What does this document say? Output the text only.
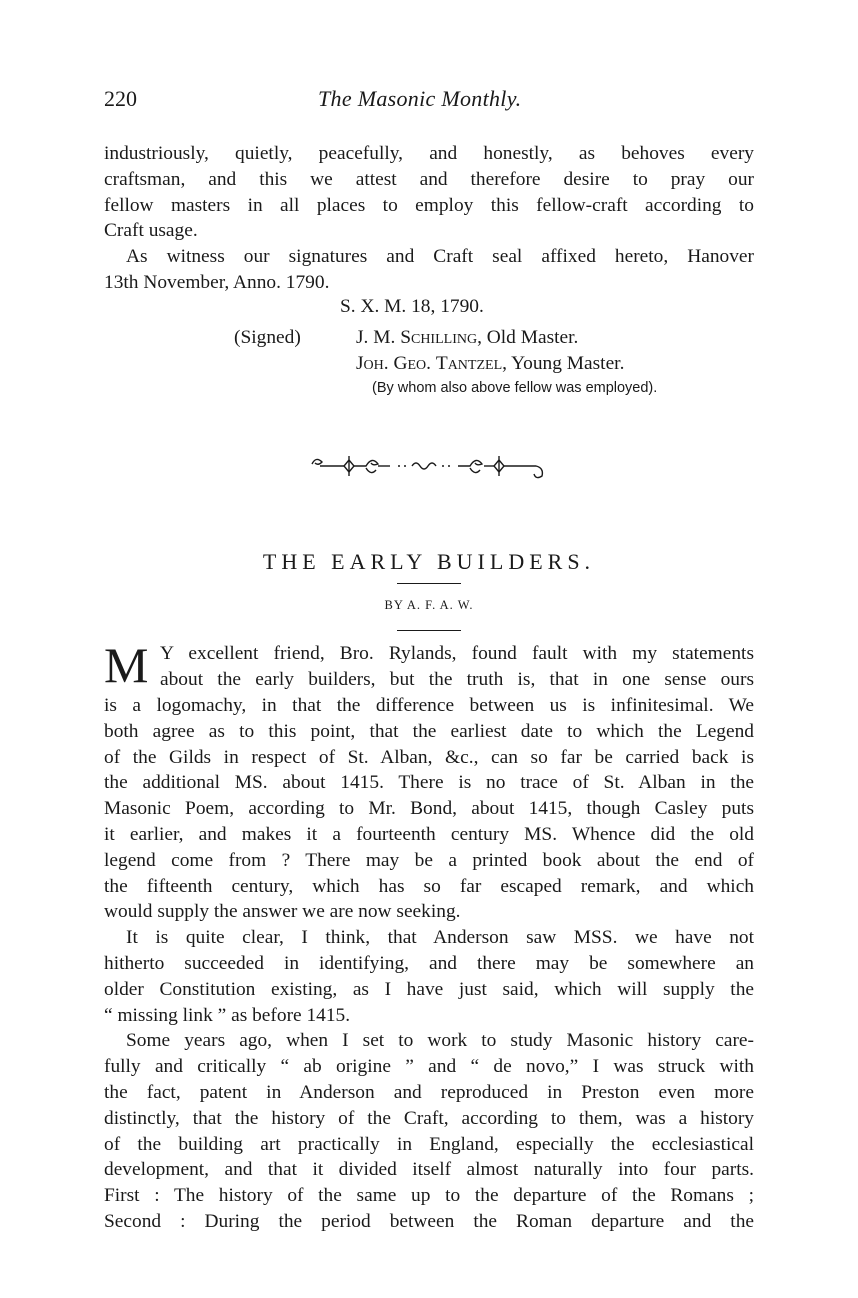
220	The Masonic Monthly.
industriously, quietly, peacefully, and honestly, as behoves every
craftsman, and this we attest and therefore desire to pray our
fellow masters in all places to employ this fellow-craft according to
Craft usage.
As witness our signatures and Craft seal affixed hereto, Hanover
13th November, Anno. 1790.
S. X. M. 18, 1790.
(Signed)	J. M. Schilling, Old Master.
Joh. Geo. Tantzel, Young Master.
(By whom also above fellow was employed).
THE EARLY BUILDERS.
BY A. F. A. W.
M Y excellent friend, Bro. Rylands, found fault with my statements
about the early builders, but the truth is, that in one sense ours
is a logomachy, in that the difference between us is infinitesimal. We
both agree as to this point, that the earliest date to which the Legend
of the Gilds in respect of St. Alban, &c., can so far be carried back is
the additional MS. about 1415. There is no trace of St. Alban in the
Masonic Poem, according to Mr. Bond, about 1415, though Casley puts
it earlier, and makes it a fourteenth century MS. Whence did the old
legend come from ? There may be a printed book about the end of
the fifteenth century, which has so far escaped remark, and which
would supply the answer we are now seeking.
It is quite clear, I think, that Anderson saw MSS. we have not
hitherto succeeded in identifying, and there may be somewhere an
older Constitution existing, as I have just said, which will supply the
“ missing link ” as before 1415.
Some years ago, when I set to work to study Masonic history care-
fully and critically “ ab origine ” and “ de novo,” I was struck with
the fact, patent in Anderson and reproduced in Preston even more
distinctly, that the history of the Craft, according to them, was a history
of the building art practically in England, especially the ecclesiastical
development, and that it divided itself almost naturally into four parts.
First : The history of the same up to the departure of the Romans ;
Second : During the period between the Roman departure and the
